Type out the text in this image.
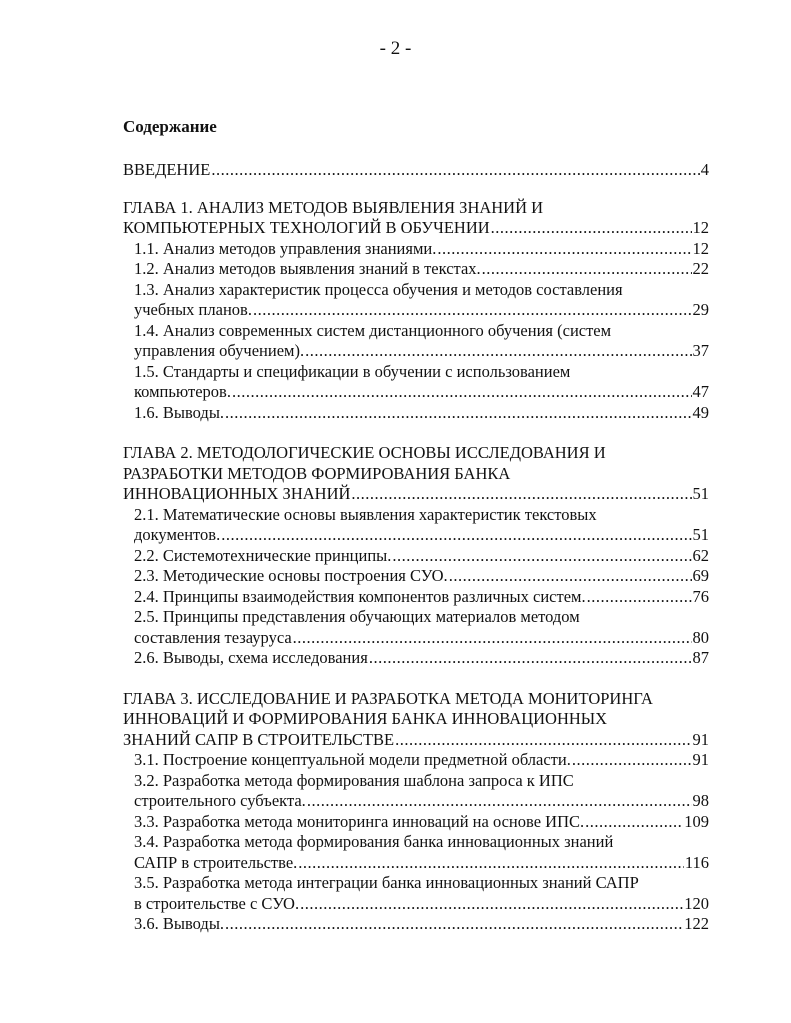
- 2 -
Содержание
ВВЕДЕНИЕ .....	4
ГЛАВА 1. АНАЛИЗ МЕТОДОВ ВЫЯВЛЕНИЯ ЗНАНИЙ И
КОМПЬЮТЕРНЫХ ТЕХНОЛОГИЙ В ОБУЧЕНИИ .....	12
1.1. Анализ методов управления знаниями. .....	12
1.2. Анализ методов выявления знаний в текстах. .....	22
1.3. Анализ характеристик процесса обучения и методов составления
учебных планов. .....	29
1.4. Анализ современных систем дистанционного обучения (систем
управления обучением). .....	37
1.5. Стандарты и спецификации в обучении с использованием
компьютеров. .....	47
1.6. Выводы. .....	49
ГЛАВА 2. МЕТОДОЛОГИЧЕСКИЕ ОСНОВЫ ИССЛЕДОВАНИЯ И
РАЗРАБОТКИ МЕТОДОВ ФОРМИРОВАНИЯ БАНКА
ИННОВАЦИОННЫХ ЗНАНИЙ .....	51
2.1. Математические основы выявления характеристик текстовых
документов. .....	51
2.2. Системотехнические принципы. .....	62
2.3. Методические основы построения СУО. .....	69
2.4. Принципы взаимодействия компонентов различных систем. .....	76
2.5. Принципы представления обучающих материалов методом
составления тезауруса .....	80
2.6. Выводы, схема исследования .....	87
ГЛАВА 3. ИССЛЕДОВАНИЕ И РАЗРАБОТКА МЕТОДА МОНИТОРИНГА
ИННОВАЦИЙ И ФОРМИРОВАНИЯ БАНКА ИННОВАЦИОННЫХ
ЗНАНИЙ САПР В СТРОИТЕЛЬСТВЕ .....	91
3.1. Построение концептуальной модели предметной области. .....	91
3.2. Разработка метода формирования шаблона запроса к ИПС
строительного субъекта. .....	98
3.3. Разработка метода мониторинга инноваций на основе ИПС. .....	109
3.4. Разработка метода формирования банка инновационных знаний
САПР в строительстве. .....	116
3.5. Разработка метода интеграции банка инновационных знаний САПР
в строительстве с СУО. .....	120
3.6. Выводы. .....	122
